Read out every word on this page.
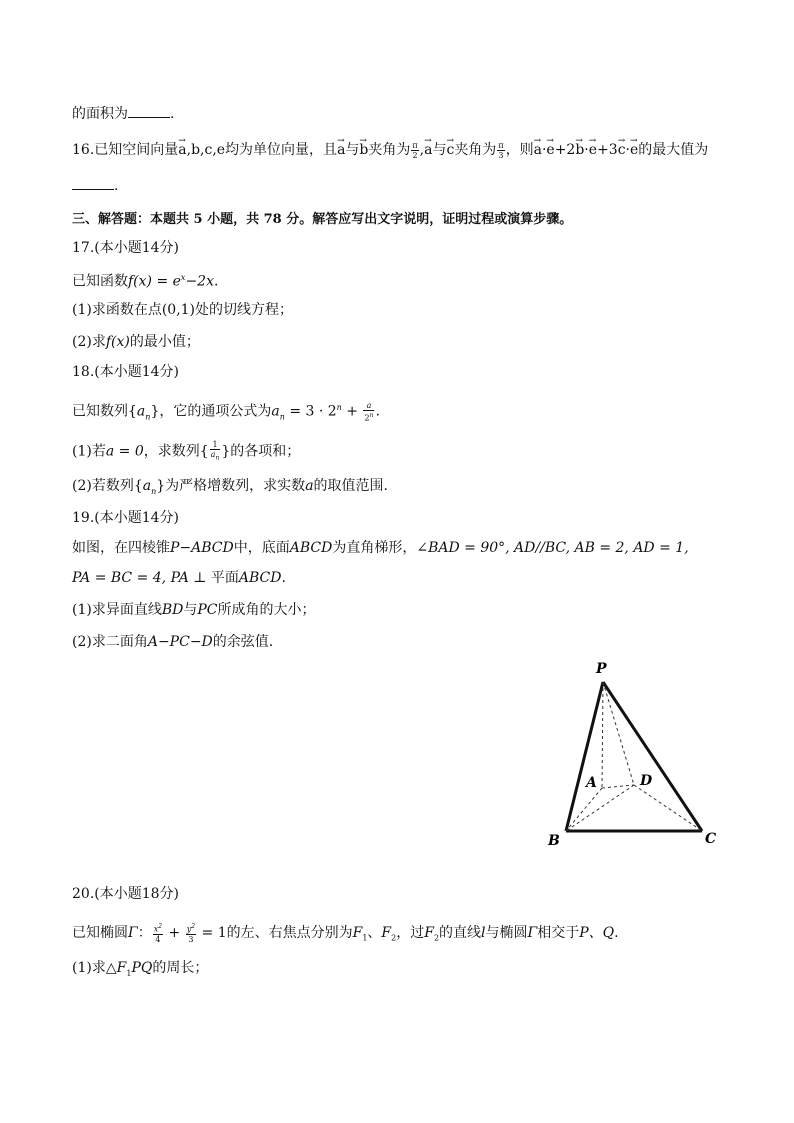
的面积为	.
16.已知空间向量→ a,b,c,e均为单位向量，且→ a与→ b夹角为 $\frac{\pi}{2}$ ,→ a与→ c夹角为 $\frac{\pi}{3}$ ，则→ a·→ e+2→ b·→ e+3→ c·→ e的最大值为
.
三、解答题：本题共 5 小题，共 78 分。解答应写出文字说明，证明过程或演算步骤。
17.(本小题14分)
已知函数$f(x) = e^x-2x$.
(1)求函数在点(0,1)处的切线方程；
(2)求f(x)的最小值；
18.(本小题14分)
已知数列$\{a_n\}$，它的通项公式为$a_n = 3 \cdot 2^n + \frac{a}{2^n}$ .
(1)若a = 0，求数列{ $\frac{1}{a_n}$ }的各项和；
(2)若数列$\{a_n\}$为严格增数列，求实数a的取值范围.
19.(本小题14分)
如图，在四棱锥P−ABCD中，底面ABCD为直角梯形，∠BAD = 90°, AD//BC, AB = 2, AD = 1,
PA = BC = 4, PA ⊥ 平面ABCD.
(1)求异面直线BD与PC所成角的大小；
(2)求二面角A−PC−D的余弦值.
P
A	D
B	C
20.(本小题18分)
已知椭圆Γ： $\frac{x^2}{4} + \frac{y^2}{3} = 1$的左、右焦点分别为$F_1$、$F_2$，过$F_2$的直线l与椭圆Γ相交于P、Q.
(1)求$\triangle F_1PQ$的周长；
